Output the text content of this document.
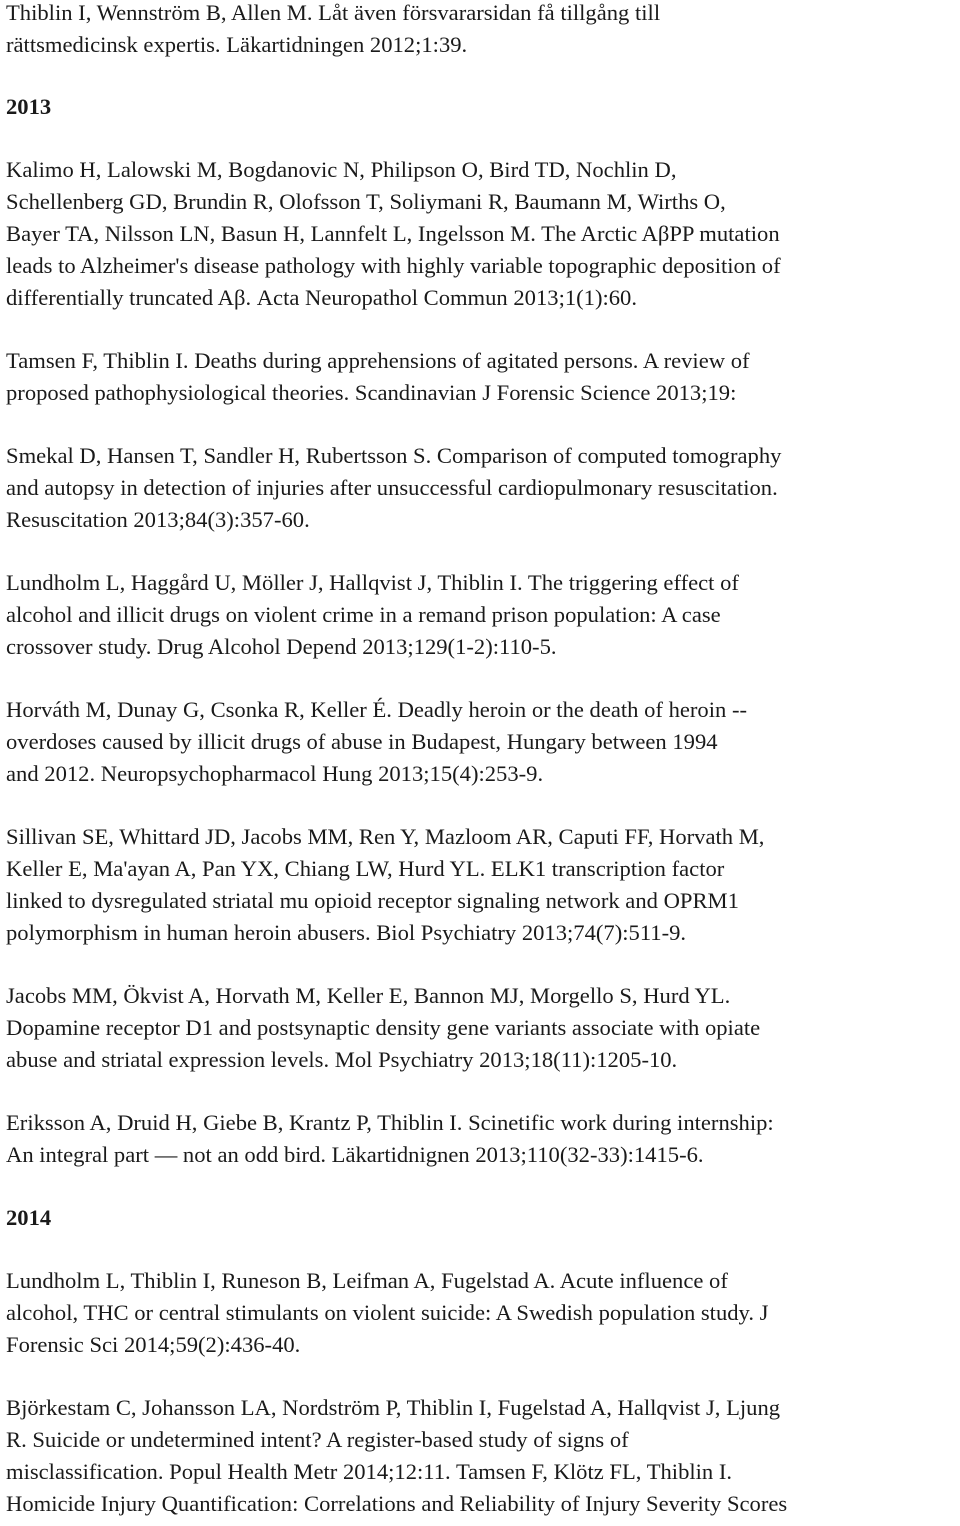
Thiblin I, Wennström B, Allen M. Låt även försvararsidan få tillgång till
rättsmedicinsk expertis. Läkartidningen 2012;1:39.

2013

Kalimo H, Lalowski M, Bogdanovic N, Philipson O, Bird TD, Nochlin D,
Schellenberg GD, Brundin R, Olofsson T, Soliymani R, Baumann M, Wirths O,
Bayer TA, Nilsson LN, Basun H, Lannfelt L, Ingelsson M. The Arctic AβPP mutation
leads to Alzheimer's disease pathology with highly variable topographic deposition of
differentially truncated Aβ. Acta Neuropathol Commun 2013;1(1):60.

Tamsen F, Thiblin I. Deaths during apprehensions of agitated persons. A review of
proposed pathophysiological theories. Scandinavian J Forensic Science 2013;19:

Smekal D, Hansen T, Sandler H, Rubertsson S. Comparison of computed tomography
and autopsy in detection of injuries after unsuccessful cardiopulmonary resuscitation.
Resuscitation 2013;84(3):357-60.

Lundholm L, Haggård U, Möller J, Hallqvist J, Thiblin I. The triggering effect of
alcohol and illicit drugs on violent crime in a remand prison population: A case
crossover study. Drug Alcohol Depend 2013;129(1-2):110-5.

Horváth M, Dunay G, Csonka R, Keller É. Deadly heroin or the death of heroin --
overdoses caused by illicit drugs of abuse in Budapest, Hungary between 1994
and 2012. Neuropsychopharmacol Hung 2013;15(4):253-9.

Sillivan SE, Whittard JD, Jacobs MM, Ren Y, Mazloom AR, Caputi FF, Horvath M,
Keller E, Ma'ayan A, Pan YX, Chiang LW, Hurd YL. ELK1 transcription factor
linked to dysregulated striatal mu opioid receptor signaling network and OPRM1
polymorphism in human heroin abusers. Biol Psychiatry 2013;74(7):511-9.

Jacobs MM, Ökvist A, Horvath M, Keller E, Bannon MJ, Morgello S, Hurd YL.
Dopamine receptor D1 and postsynaptic density gene variants associate with opiate
abuse and striatal expression levels. Mol Psychiatry 2013;18(11):1205-10.

Eriksson A, Druid H, Giebe B, Krantz P, Thiblin I. Scinetific work during internship:
An integral part — not an odd bird. Läkartidnignen 2013;110(32-33):1415-6.

2014

Lundholm L, Thiblin I, Runeson B, Leifman A, Fugelstad A. Acute influence of
alcohol, THC or central stimulants on violent suicide: A Swedish population study. J
Forensic Sci 2014;59(2):436-40.

Björkestam C, Johansson LA, Nordström P, Thiblin I, Fugelstad A, Hallqvist J, Ljung
R. Suicide or undetermined intent? A register-based study of signs of
misclassification. Popul Health Metr 2014;12:11. Tamsen F, Klötz FL, Thiblin I.
Homicide Injury Quantification: Correlations and Reliability of Injury Severity Scores
